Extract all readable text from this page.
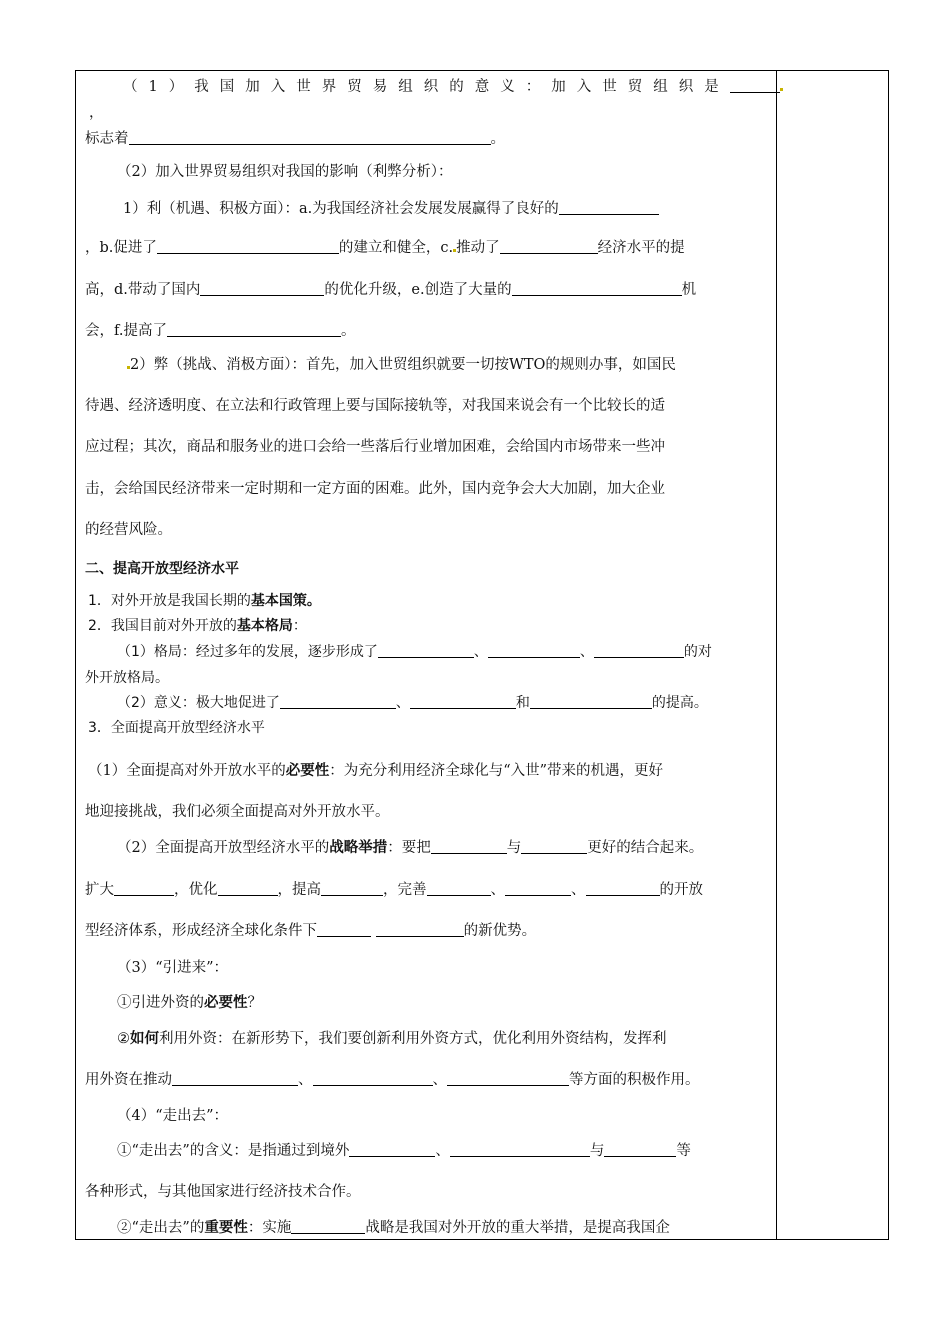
（1）我国加入世界贸易组织的意义：加入世贸组织是
，
标志着	。
（2）加入世界贸易组织对我国的影响（利弊分析）：
1）利（机遇、积极方面）：a.为我国经济社会发展发展赢得了良好的
，b.促进了	的建立和健全，c. 推动了	经济水平的提
高，d.带动了国内	的优化升级，e.创造了大量的	机
会，f.提高了	。
2）弊（挑战、消极方面）：首先，加入世贸组织就要一切按WTO的规则办事，如国民
待遇、经济透明度、在立法和行政管理上要与国际接轨等，对我国来说会有一个比较长的适
应过程；其次，商品和服务业的进口会给一些落后行业增加困难，会给国内市场带来一些冲
击，会给国民经济带来一定时期和一定方面的困难。此外，国内竞争会大大加剧，加大企业
的经营风险。
二、提高开放型经济水平
1．对外开放是我国长期的基本国策。
2．我国目前对外开放的基本格局：
（1）格局：经过多年的发展，逐步形成了	、	、	的对
外开放格局。
（2）意义：极大地促进了	、	和	的提高。
3．全面提高开放型经济水平
（1）全面提高对外开放水平的必要性：为充分利用经济全球化与“入世”带来的机遇，更好
地迎接挑战，我们必须全面提高对外开放水平。
（2）全面提高开放型经济水平的战略举措：要把	与	更好的结合起来。
扩大	，优化	，提高	，完善	、	、	的开放
型经济体系，形成经济全球化条件下	的新优势。
（3）“引进来”：
①引进外资的必要性？
②如何利用外资：在新形势下，我们要创新利用外资方式，优化利用外资结构，发挥利
用外资在推动	、	、	等方面的积极作用。
（4）“走出去”：
①“走出去”的含义：是指通过到境外	、	与	等
各种形式，与其他国家进行经济技术合作。
②“走出去”的重要性：实施	战略是我国对外开放的重大举措，是提高我国企
